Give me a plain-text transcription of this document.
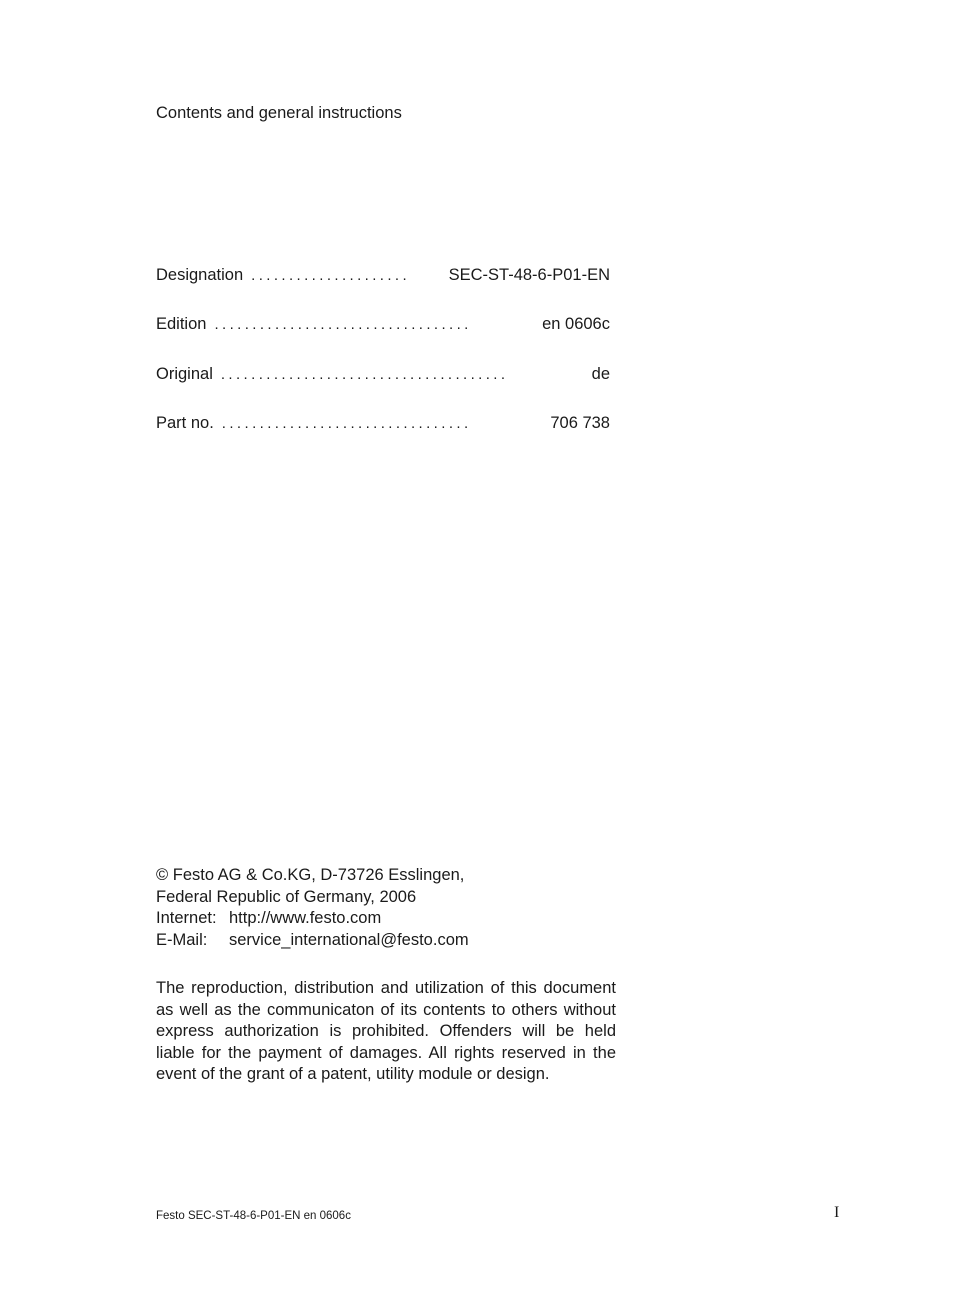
Contents and general instructions
Designation .....................	SEC-ST-48-6-P01-EN
Edition ..................................	en 0606c
Original ......................................	de
Part no. .................................	706 738
© Festo AG & Co.KG, D-73726 Esslingen,
Federal Republic of Germany, 2006
Internet: http://www.festo.com
E-Mail: service_international@festo.com
The reproduction, distribution and utilization of this document as well as the communicaton of its contents to others without express authorization is prohibited. Offenders will be held liable for the payment of damages. All rights reserved in the event of the grant of a patent, utility module or design.
Festo SEC-ST-48-6-P01-EN en 0606c	I
